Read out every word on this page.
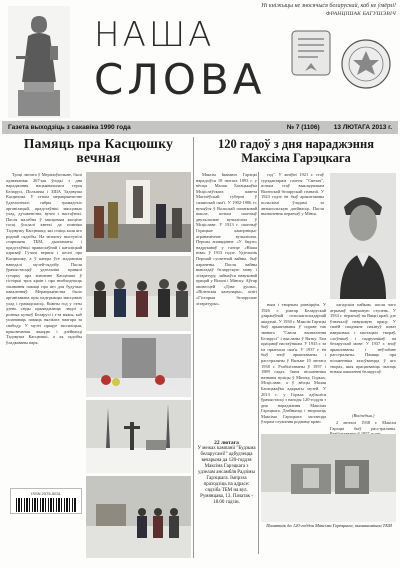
Ні кніжыцы не зносячыся беларускай, каб не ўмёрлі!
ФРАНЦІШАК БАГУШЭВІЧ
НАША
СЛОВА
Газета выходзіць з сакавіка 1990 года	№ 7 (1106) 13 ЛЮТАГА 2013 г.
Памяць пра Касцюшку вечная
120 гадоў з дня нараджэння Максіма Гарэцкага

Трэці лютага ў Мерачоўшчыне, былі адзначаныя 267-ыя ўгодкі з дня нараджэння нацыянальнага героя Беларусі, Польшчы і ЗША Тадэвуша Касцюшкі. У гэтым мерапрыемстве ўдзельнічалі сябры грамадскіх арганізацый, прадстаўнікі мясцовых улад, духавенства, вучні і настаўнікі. Пасля малебна ў мясцовым касцёле госці ўсклалі кветкі да помніка Тадэвушу Касцюшку, які стаіць каля яго роднай сядзібы. На мітынгу выступілі старшыня ТБМ, дыпламаты і прадстаўнікі праваслаўнай і каталіцкай цэркваў. Гучалі вершы і песні пра Касцюшку, а ў канцы ўсе жадаючыя наведалі музей-сядзібу. Пасля ўрачыстасцяў удзельнікі правялі гутарку пра значэнне Касцюшкі ў гісторыі трох краін і пра неабходнасць захавання памяці пра яго для будучых пакаленняў. Мерапрыемства было арганізавана пры падтрымцы мясцовых улад і грамадскасці. Кожны год у гэты дзень сюды прыязджаюць людзі з розных куткоў Беларусі і з-за мяжы, каб ушанаваць памяць вялікага змагара за свабоду. У музеі працуе экспазіцыя, прысвечаная жыццю і дзейнасці Тадэвуша Касцюшкі, а ля сядзібы ўладкаваны парк.

ISSN 2075-5031

Максім Іванавіч Гарэцкі нарадзіўся 18 лютага 1893 г. у вёсцы Малая Багацькаўка Мсціслаўскага павета Магілёўскай губерні ў сялянскай сям'і. У 1902-1906 гг. вучыўся ў Вольскай пачатковай школе, потым скончыў двухкласнае вучылішча ў Мсціславе. У 1913 г. скончыў Горацкае каморніцка-агранамічнае вучылішча. Першы апавяданне «У бядзе» надрукаваў у газеце «Наша ніва» ў 1913 годзе. Удзельнік Першай сусветнай вайны, быў паранены. Пасля вайны выкладаў беларускую мову і літаратуру, займаўся навуковай працай у Вільні і Мінску. Аўтар аповесцей «Дзве душы», «Віленскія камунары», кнігі «Гісторыя беларускае літаратуры».

год". У жніўні 1921 г. стаў сурэдактарам газеты "Светач", потым стаў выкладчыкам Віленскай беларускай гімназіі. У 1923 годзе ён быў арыштаваны польскімі ўладамі за антыпольскую дзейнасць. Пасля вызвалення пераехаў у Мінск.

ным і творчым развіццём. У 1926 г. рэктар Беларускай дзяржаўнай сельскагаспадарчай акадэміі. У 1930 г. Максім Гарэцкі быў арыштаваны ў справе так званага "Саюза вызвалення Беларусі" і высланы ў Вятку. Там працаваў настаўнікам. У 1935 г. за ім прыехала сям'я. У 1937 г. ён быў зноў арыштаваны і расстраляны ў Вязьме 10 лютага 1938 г. Рэабілітаваны ў 1957 і 1989 гадах. Імем пісьменніка названы вуліцы ў Мінску, Горках, Мсціславе, а ў вёсцы Малая Багацькаўка адкрыты музей. У 2013 г. у Горках адбыліся ўрачыстасці з нагоды 120-годдзя з дня нараджэння Максіма Гарэцкага. Дзейнасць і творчасць Максіма Гарэцкага застаецца ўзорам служэння роднаму краю.

лагадскім пайкам, пасля чаго атрымаў навуковую ступень. У 1933 г. пераехаў на Вяцкі край, дзе ўзначаліў навуковую працу. У сваёй спадчыне пакінуў шмат навуковых і мастацкіх твораў, слоўнікаў і падручнікаў па беларускай мове. У 1937 г. зноў арыштаваны і неўзабаве расстраляны. Памяць пра пісьменніка захоўваецца ў яго творах, якія працягваюць чытаць новыя пакаленні беларусаў.

2 лютага 1938 г. Максім Гарэцкі быў расстраляны.

(Вікіпедыя.)
22 лютага
У межах кампаніі "Будзьма беларусамі!" адбудзецца вечарына да 120-годдзя Максіма Гарэцкага з удзелам ансамбля Радзімы Гарэцкага. Імпрэза праходзіць па адрасе: сядзіба ТБМ на вул. Румянцава, 13. Пачатак - 18.00 гадзін.
Памятнік да 120-годдзя Максіма Гарэцкага, выхаваннікам ТБМ
